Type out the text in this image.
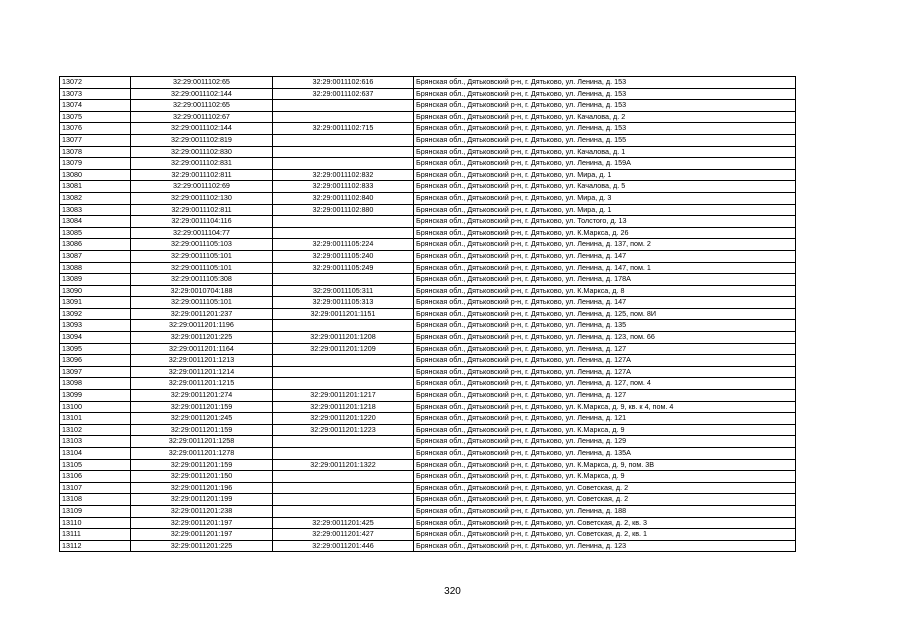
13072	32:29:0011102:65	32:29:0011102:616	Брянская обл., Дятьковский р-н, г. Дятьково, ул. Ленина, д. 153
13073	32:29:0011102:144	32:29:0011102:637	Брянская обл., Дятьковский р-н, г. Дятьково, ул. Ленина, д. 153
13074	32:29:0011102:65		Брянская обл., Дятьковский р-н, г. Дятьково, ул. Ленина, д. 153
13075	32:29:0011102:67		Брянская обл., Дятьковский р-н, г. Дятьково, ул. Качалова, д. 2
13076	32:29:0011102:144	32:29:0011102:715	Брянская обл., Дятьковский р-н, г. Дятьково, ул. Ленина, д. 153
13077	32:29:0011102:819		Брянская обл., Дятьковский р-н, г. Дятьково, ул. Ленина, д. 155
13078	32:29:0011102:830		Брянская обл., Дятьковский р-н, г. Дятьково, ул. Качалова, д. 1
13079	32:29:0011102:831		Брянская обл., Дятьковский р-н, г. Дятьково, ул. Ленина, д. 159А
13080	32:29:0011102:811	32:29:0011102:832	Брянская обл., Дятьковский р-н, г. Дятьково, ул. Мира, д. 1
13081	32:29:0011102:69	32:29:0011102:833	Брянская обл., Дятьковский р-н, г. Дятьково, ул. Качалова, д. 5
13082	32:29:0011102:130	32:29:0011102:840	Брянская обл., Дятьковский р-н, г. Дятьково, ул. Мира, д. 3
13083	32:29:0011102:811	32:29:0011102:880	Брянская обл., Дятьковский р-н, г. Дятьково, ул. Мира, д. 1
13084	32:29:0011104:116		Брянская обл., Дятьковский р-н, г. Дятьково, ул. Толстого, д. 13
13085	32:29:0011104:77		Брянская обл., Дятьковский р-н, г. Дятьково, ул. К.Маркса, д. 26
13086	32:29:0011105:103	32:29:0011105:224	Брянская обл., Дятьковский р-н, г. Дятьково, ул. Ленина, д. 137, пом. 2
13087	32:29:0011105:101	32:29:0011105:240	Брянская обл., Дятьковский р-н, г. Дятьково, ул. Ленина, д. 147
13088	32:29:0011105:101	32:29:0011105:249	Брянская обл., Дятьковский р-н, г. Дятьково, ул. Ленина, д. 147, пом. 1
13089	32:29:0011105:308		Брянская обл., Дятьковский р-н, г. Дятьково, ул. Ленина, д. 178А
13090	32:29:0010704:188	32:29:0011105:311	Брянская обл., Дятьковский р-н, г. Дятьково, ул. К.Маркса, д. 8
13091	32:29:0011105:101	32:29:0011105:313	Брянская обл., Дятьковский р-н, г. Дятьково, ул. Ленина, д. 147
13092	32:29:0011201:237	32:29:0011201:1151	Брянская обл., Дятьковский р-н, г. Дятьково, ул. Ленина, д. 125, пом. 8И
13093	32:29:0011201:1196		Брянская обл., Дятьковский р-н, г. Дятьково, ул. Ленина, д. 135
13094	32:29:0011201:225	32:29:0011201:1208	Брянская обл., Дятьковский р-н, г. Дятьково, ул. Ленина, д. 123, пом. 66
13095	32:29:0011201:1164	32:29:0011201:1209	Брянская обл., Дятьковский р-н, г. Дятьково, ул. Ленина, д. 127
13096	32:29:0011201:1213		Брянская обл., Дятьковский р-н, г. Дятьково, ул. Ленина, д. 127А
13097	32:29:0011201:1214		Брянская обл., Дятьковский р-н, г. Дятьково, ул. Ленина, д. 127А
13098	32:29:0011201:1215		Брянская обл., Дятьковский р-н, г. Дятьково, ул. Ленина, д. 127, пом. 4
13099	32:29:0011201:274	32:29:0011201:1217	Брянская обл., Дятьковский р-н, г. Дятьково, ул. Ленина, д. 127
13100	32:29:0011201:159	32:29:0011201:1218	Брянская обл., Дятьковский р-н, г. Дятьково, ул. К.Маркса, д. 9, кв. к 4, пом. 4
13101	32:29:0011201:245	32:29:0011201:1220	Брянская обл., Дятьковский р-н, г. Дятьково, ул. Ленина, д. 121
13102	32:29:0011201:159	32:29:0011201:1223	Брянская обл., Дятьковский р-н, г. Дятьково, ул. К.Маркса, д. 9
13103	32:29:0011201:1258		Брянская обл., Дятьковский р-н, г. Дятьково, ул. Ленина, д. 129
13104	32:29:0011201:1278		Брянская обл., Дятьковский р-н, г. Дятьково, ул. Ленина, д. 135А
13105	32:29:0011201:159	32:29:0011201:1322	Брянская обл., Дятьковский р-н, г. Дятьково, ул. К.Маркса, д. 9, пом. 3В
13106	32:29:0011201:150		Брянская обл., Дятьковский р-н, г. Дятьково, ул. К.Маркса, д. 9
13107	32:29:0011201:196		Брянская обл., Дятьковский р-н, г. Дятьково, ул. Советская, д. 2
13108	32:29:0011201:199		Брянская обл., Дятьковский р-н, г. Дятьково, ул. Советская, д. 2
13109	32:29:0011201:238		Брянская обл., Дятьковский р-н, г. Дятьково, ул. Ленина, д. 188
13110	32:29:0011201:197	32:29:0011201:425	Брянская обл., Дятьковский р-н, г. Дятьково, ул. Советская, д. 2, кв. 3
13111	32:29:0011201:197	32:29:0011201:427	Брянская обл., Дятьковский р-н, г. Дятьково, ул. Советская, д. 2, кв. 1
13112	32:29:0011201:225	32:29:0011201:446	Брянская обл., Дятьковский р-н, г. Дятьково, ул. Ленина, д. 123
320
